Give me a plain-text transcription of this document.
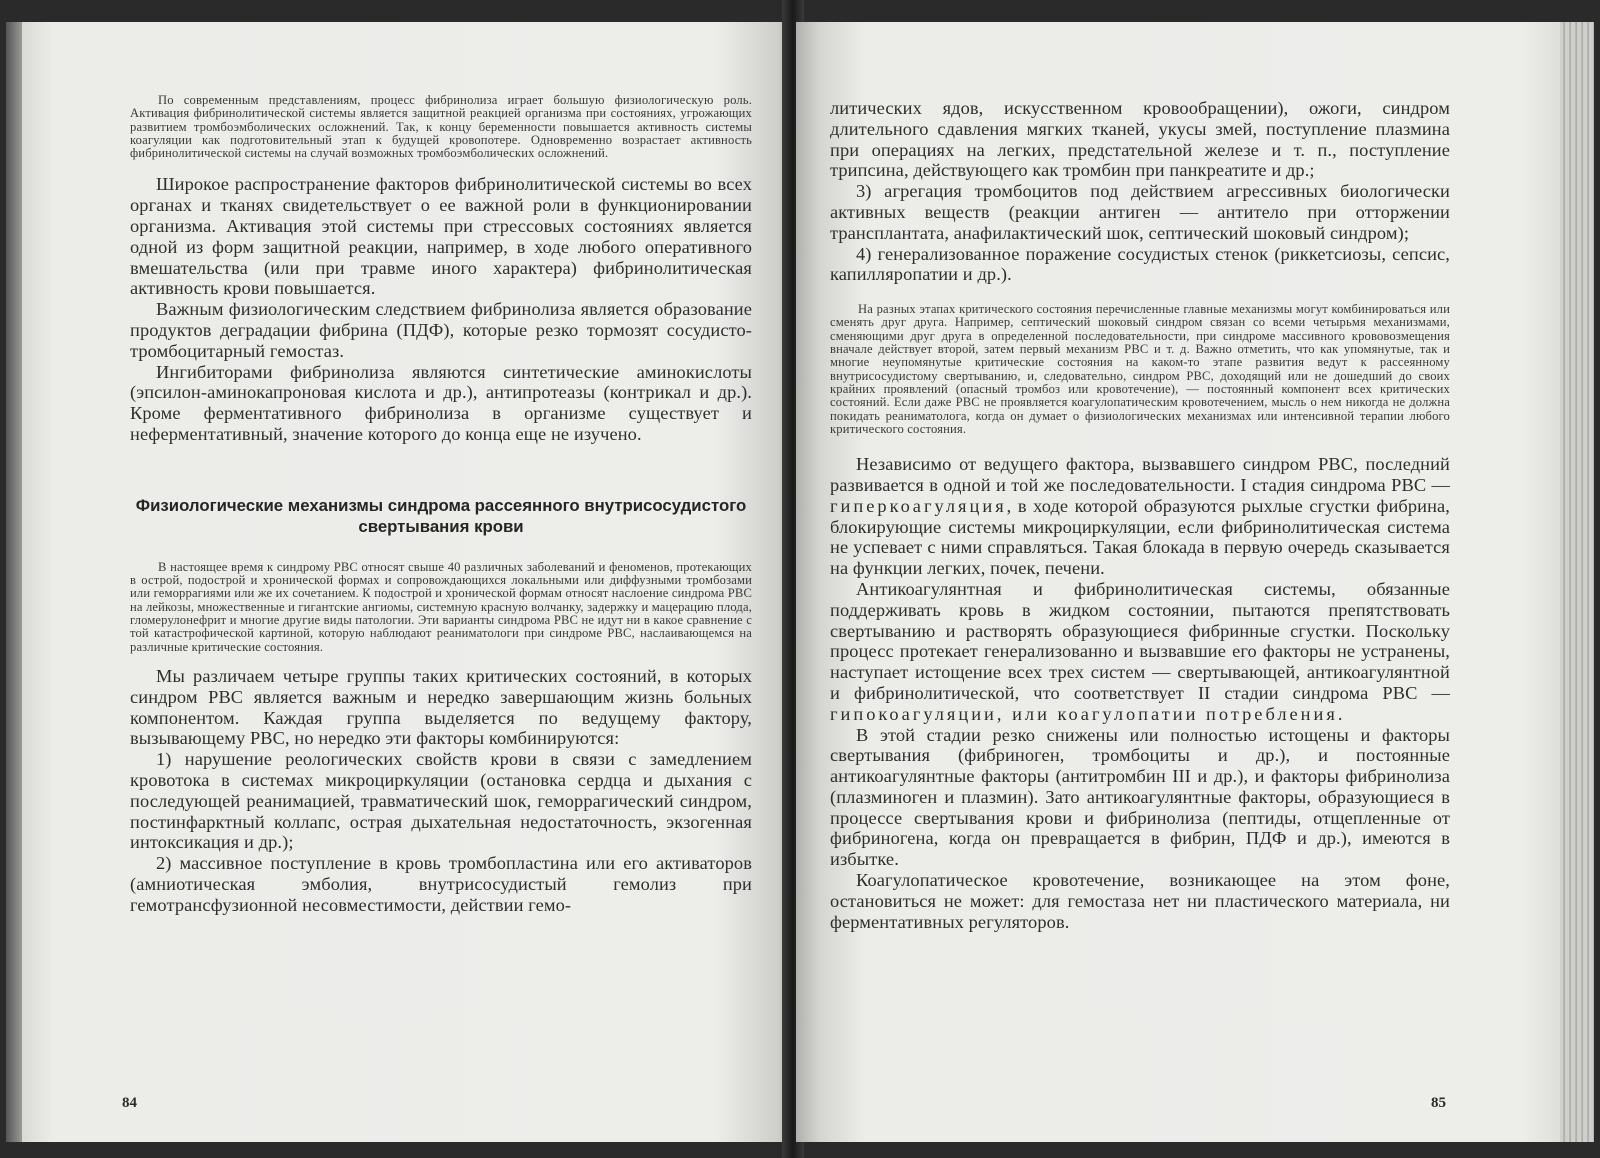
По современным представлениям, процесс фибринолиза играет большую физиологическую роль. Активация фибринолитической системы является защитной реакцией организма при состояниях, угрожающих развитием тромбоэмболических осложнений. Так, к концу беременности повышается активность системы коагуляции как подготовительный этап к будущей кровопотере. Одновременно возрастает активность фибринолитической системы на случай возможных тромбоэмболических осложнений.

Широкое распространение факторов фибринолитической системы во всех органах и тканях свидетельствует о ее важной роли в функционировании организма. Активация этой системы при стрессовых состояниях является одной из форм защитной реакции, например, в ходе любого оперативного вмешательства (или при травме иного характера) фибринолитическая активность крови повышается.

Важным физиологическим следствием фибринолиза является образование продуктов деградации фибрина (ПДФ), которые резко тормозят сосудисто-тромбоцитарный гемостаз.

Ингибиторами фибринолиза являются синтетические аминокислоты (эпсилон-аминокапроновая кислота и др.), антипротеазы (контрикал и др.). Кроме ферментативного фибринолиза в организме существует и неферментативный, значение которого до конца еще не изучено.

Физиологические механизмы синдрома рассеянного внутрисосудистого свертывания крови

В настоящее время к синдрому РВС относят свыше 40 различных заболеваний и феноменов, протекающих в острой, подострой и хронической формах и сопровождающихся локальными или диффузными тромбозами или геморрагиями или же их сочетанием. К подострой и хронической формам относят наслоение синдрома РВС на лейкозы, множественные и гигантские ангиомы, системную красную волчанку, задержку и мацерацию плода, гломерулонефрит и многие другие виды патологии. Эти варианты синдрома РВС не идут ни в какое сравнение с той катастрофической картиной, которую наблюдают реаниматологи при синдроме РВС, наслаивающемся на различные критические состояния.

Мы различаем четыре группы таких критических состояний, в которых синдром РВС является важным и нередко завершающим жизнь больных компонентом. Каждая группа выделяется по ведущему фактору, вызывающему РВС, но нередко эти факторы комбинируются:

1) нарушение реологических свойств крови в связи с замедлением кровотока в системах микроциркуляции (остановка сердца и дыхания с последующей реанимацией, травматический шок, геморрагический синдром, постинфарктный коллапс, острая дыхательная недостаточность, экзогенная интоксикация и др.);

2) массивное поступление в кровь тромбопластина или его активаторов (амниотическая эмболия, внутрисосудистый гемолиз при гемотрансфузионной несовместимости, действии гемо-

84

литических ядов, искусственном кровообращении), ожоги, синдром длительного сдавления мягких тканей, укусы змей, поступление плазмина при операциях на легких, предстательной железе и т. п., поступление трипсина, действующего как тромбин при панкреатите и др.;

3) агрегация тромбоцитов под действием агрессивных биологически активных веществ (реакции антиген — антитело при отторжении трансплантата, анафилактический шок, септический шоковый синдром);

4) генерализованное поражение сосудистых стенок (риккетсиозы, сепсис, капилляропатии и др.).

На разных этапах критического состояния перечисленные главные механизмы могут комбинироваться или сменять друг друга. Например, септический шоковый синдром связан со всеми четырьмя механизмами, сменяющими друг друга в определенной последовательности, при синдроме массивного крововозмещения вначале действует второй, затем первый механизм РВС и т. д. Важно отметить, что как упомянутые, так и многие неупомянутые критические состояния на каком-то этапе развития ведут к рассеянному внутрисосудистому свертыванию, и, следовательно, синдром РВС, доходящий или не дошедший до своих крайних проявлений (опасный тромбоз или кровотечение), — постоянный компонент всех критических состояний. Если даже РВС не проявляется коагулопатическим кровотечением, мысль о нем никогда не должна покидать реаниматолога, когда он думает о физиологических механизмах или интенсивной терапии любого критического состояния.

Независимо от ведущего фактора, вызвавшего синдром РВС, последний развивается в одной и той же последовательности. I стадия синдрома РВС — гиперкоагуляция, в ходе которой образуются рыхлые сгустки фибрина, блокирующие системы микроциркуляции, если фибринолитическая система не успевает с ними справляться. Такая блокада в первую очередь сказывается на функции легких, почек, печени.

Антикоагулянтная и фибринолитическая системы, обязанные поддерживать кровь в жидком состоянии, пытаются препятствовать свертыванию и растворять образующиеся фибринные сгустки. Поскольку процесс протекает генерализованно и вызвавшие его факторы не устранены, наступает истощение всех трех систем — свертывающей, антикоагулянтной и фибринолитической, что соответствует II стадии синдрома РВС — гипокоагуляции, или коагулопатии потребления.

В этой стадии резко снижены или полностью истощены и факторы свертывания (фибриноген, тромбоциты и др.), и постоянные антикоагулянтные факторы (антитромбин III и др.), и факторы фибринолиза (плазминоген и плазмин). Зато антикоагулянтные факторы, образующиеся в процессе свертывания крови и фибринолиза (пептиды, отщепленные от фибриногена, когда он превращается в фибрин, ПДФ и др.), имеются в избытке.

Коагулопатическое кровотечение, возникающее на этом фоне, остановиться не может: для гемостаза нет ни пластического материала, ни ферментативных регуляторов.

85
